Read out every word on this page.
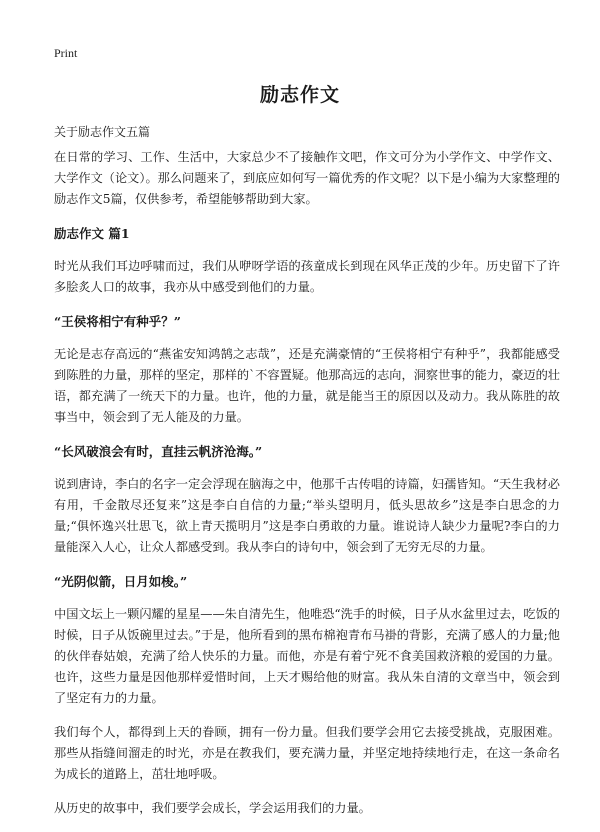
Print
励志作文
关于励志作文五篇

在日常的学习、工作、生活中，大家总少不了接触作文吧，作文可分为小学作文、中学作文、大学作文（论文）。那么问题来了，到底应如何写一篇优秀的作文呢？以下是小编为大家整理的励志作文5篇，仅供参考，希望能够帮助到大家。

励志作文 篇1

时光从我们耳边呼啸而过，我们从咿呀学语的孩童成长到现在风华正茂的少年。历史留下了许多脍炙人口的故事，我亦从中感受到他们的力量。

“王侯将相宁有种乎？”

无论是志存高远的“燕雀安知鸿鹄之志哉”，还是充满豪情的“王侯将相宁有种乎”，我都能感受到陈胜的力量，那样的坚定，那样的`不容置疑。他那高远的志向，洞察世事的能力，豪迈的壮语，都充满了一统天下的力量。也许，他的力量，就是能当王的原因以及动力。我从陈胜的故事当中，领会到了无人能及的力量。

“长风破浪会有时，直挂云帆济沧海。”

说到唐诗，李白的名字一定会浮现在脑海之中，他那千古传唱的诗篇，妇孺皆知。“天生我材必有用，千金散尽还复来”这是李白自信的力量;“举头望明月，低头思故乡”这是李白思念的力量;“俱怀逸兴壮思飞，欲上青天揽明月”这是李白勇敢的力量。谁说诗人缺少力量呢?李白的力量能深入人心，让众人都感受到。我从李白的诗句中，领会到了无穷无尽的力量。

“光阴似箭，日月如梭。”

中国文坛上一颗闪耀的星星——朱自清先生，他唯恐“洗手的时候，日子从水盆里过去，吃饭的时候，日子从饭碗里过去。”于是，他所看到的黑布棉袍青布马褂的背影，充满了感人的力量;他的伙伴春姑娘，充满了给人快乐的力量。而他，亦是有着宁死不食美国救济粮的爱国的力量。也许，这些力量是因他那样爱惜时间，上天才赐给他的财富。我从朱自清的文章当中，领会到了坚定有力的力量。

我们每个人，都得到上天的眷顾，拥有一份力量。但我们要学会用它去接受挑战，克服困难。那些从指缝间溜走的时光，亦是在教我们，要充满力量，并坚定地持续地行走，在这一条命名为成长的道路上，茁壮地呼吸。

从历史的故事中，我们要学会成长，学会运用我们的力量。
